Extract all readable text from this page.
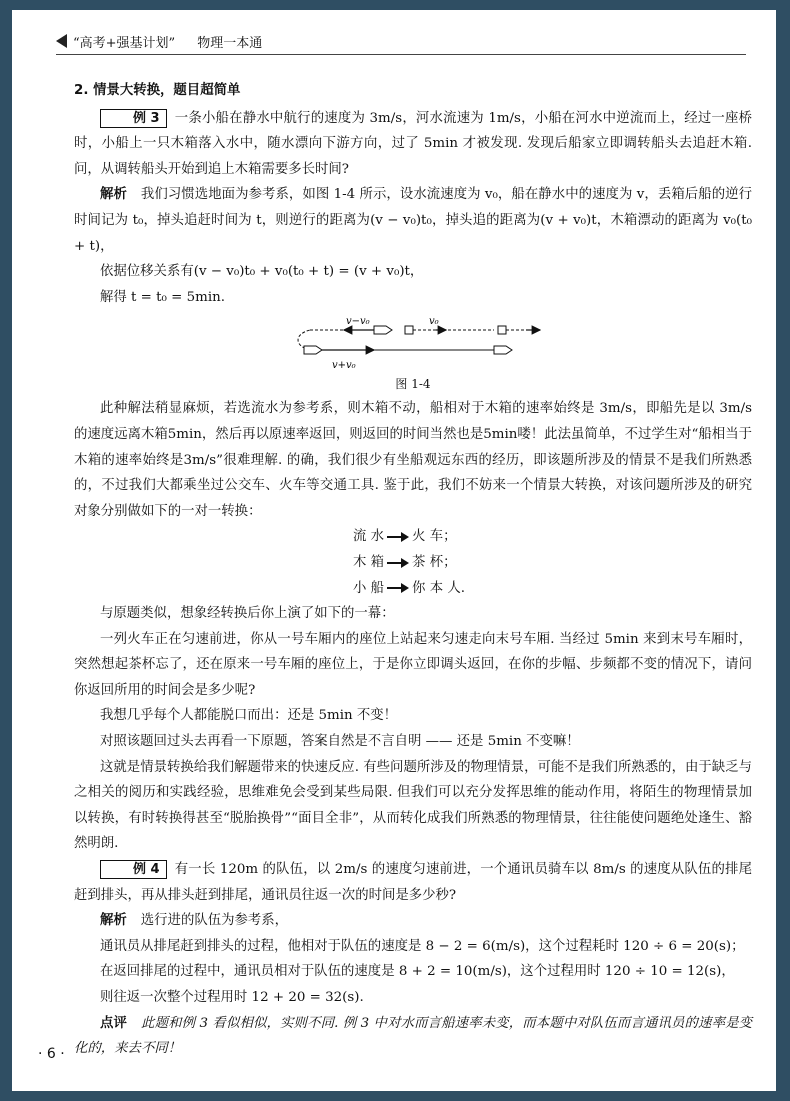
“高考+强基计划” 物理一本通

2. 情景大转换，题目超简单

例 3 一条小船在静水中航行的速度为 3m/s，河水流速为 1m/s，小船在河水中逆流而上，经过一座桥时，小船上一只木箱落入水中，随水漂向下游方向，过了 5min 才被发现. 发现后船家立即调转船头去追赶木箱. 问，从调转船头开始到追上木箱需要多长时间?

解析 我们习惯选地面为参考系，如图 1-4 所示，设水流速度为 v₀，船在静水中的速度为 v，丢箱后船的逆行时间记为 t₀，掉头追赶时间为 t，则逆行的距离为(v − v₀)t₀，掉头追的距离为(v + v₀)t，木箱漂动的距离为 v₀(t₀ + t)，

依据位移关系有(v − v₀)t₀ + v₀(t₀ + t) = (v + v₀)t，

解得 t = t₀ = 5min.

v−v₀	v₀
v+v₀
图 1-4

此种解法稍显麻烦，若选流水为参考系，则木箱不动，船相对于木箱的速率始终是 3m/s，即船先是以 3m/s 的速度远离木箱5min，然后再以原速率返回，则返回的时间当然也是5min喽！此法虽简单，不过学生对“船相当于木箱的速率始终是3m/s”很难理解. 的确，我们很少有坐船观远东西的经历，即该题所涉及的情景不是我们所熟悉的，不过我们大都乘坐过公交车、火车等交通工具. 鉴于此，我们不妨来一个情景大转换，对该问题所涉及的研究对象分别做如下的一对一转换：

流 水 火 车；
木 箱 茶 杯；
小 船 你 本 人.

与原题类似，想象经转换后你上演了如下的一幕：

一列火车正在匀速前进，你从一号车厢内的座位上站起来匀速走向末号车厢. 当经过 5min 来到末号车厢时，突然想起茶杯忘了，还在原来一号车厢的座位上，于是你立即调头返回，在你的步幅、步频都不变的情况下，请问你返回所用的时间会是多少呢?

我想几乎每个人都能脱口而出：还是 5min 不变！

对照该题回过头去再看一下原题，答案自然是不言自明 —— 还是 5min 不变嘛！

这就是情景转换给我们解题带来的快速反应. 有些问题所涉及的物理情景，可能不是我们所熟悉的，由于缺乏与之相关的阅历和实践经验，思维难免会受到某些局限. 但我们可以充分发挥思维的能动作用，将陌生的物理情景加以转换，有时转换得甚至“脱胎换骨”“面目全非”，从而转化成我们所熟悉的物理情景，往往能使问题绝处逢生、豁然明朗.

例 4 有一长 120m 的队伍，以 2m/s 的速度匀速前进，一个通讯员骑车以 8m/s 的速度从队伍的排尾赶到排头，再从排头赶到排尾，通讯员往返一次的时间是多少秒?

解析 选行进的队伍为参考系，

通讯员从排尾赶到排头的过程，他相对于队伍的速度是 8 − 2 = 6(m/s)，这个过程耗时 120 ÷ 6 = 20(s)；

在返回排尾的过程中，通讯员相对于队伍的速度是 8 + 2 = 10(m/s)，这个过程用时 120 ÷ 10 = 12(s)，

则往返一次整个过程用时 12 + 20 = 32(s).

点评 此题和例 3 看似相似，实则不同. 例 3 中对水而言船速率未变，而本题中对队伍而言通讯员的速率是变化的，来去不同！

· 6 ·
